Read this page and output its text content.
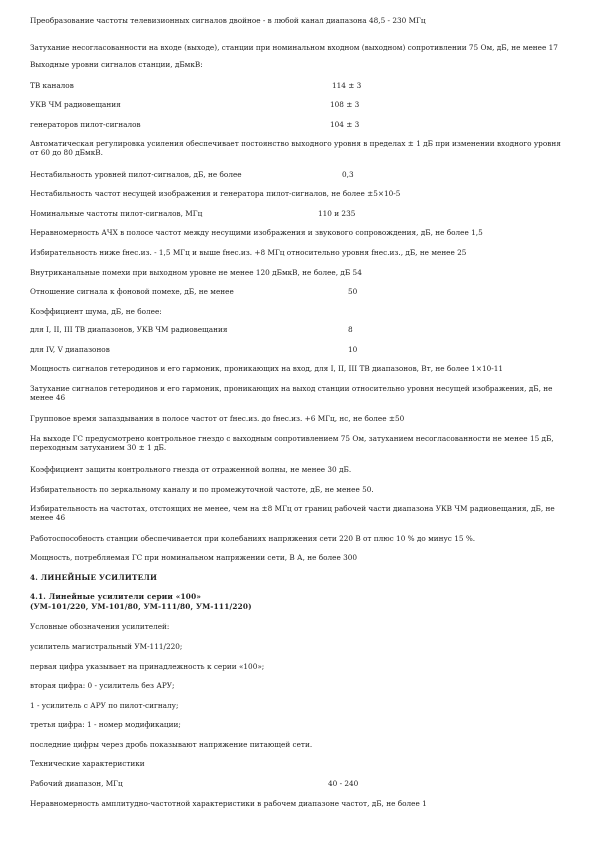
Преобразование частоты телевизионных сигналов двойное - в любой канал диапазона 48,5 - 230 МГц
Затухание несогласованности на входе (выходе), станции при номинальном входном (выходном) сопротивлении 75 Ом, дБ, не менее 17
Выходные уровни сигналов станции, дБмкВ:
ТВ каналов	114 ± 3
УКВ ЧМ радиовещания	108 ± 3
генераторов пилот-сигналов	104 ± 3
Автоматическая регулировка усиления обеспечивает постоянство выходного уровня в пределах ± 1 дБ при изменении входного уровня от 60 до 80 дБмкВ.
Нестабильность уровней пилот-сигналов, дБ, не более	0,3
Нестабильность частот несущей изображения и генератора пилот-сигналов, не более ±5×10-5
Номинальные частоты пилот-сигналов, МГц	110 и 235
Неравномерность АЧХ в полосе частот между несущими изображения и звукового сопровождения, дБ, не более 1,5
Избирательность ниже fнес.из. - 1,5 МГц и выше fнес.из. +8 МГц относительно уровня fнес.из., дБ, не менее 25
Внутриканальные помехи при выходном уровне не менее 120 дБмкВ, не более, дБ 54
Отношение сигнала к фоновой помехе, дБ, не менее	50
Коэффициент шума, дБ, не более:
для I, II, III ТВ диапазонов, УКВ ЧМ радиовещания	8
для IV, V диапазонов	10
Мощность сигналов гетеродинов и его гармоник, проникающих на вход, для I, II, III ТВ диапазонов, Вт, не более 1×10-11
Затухание сигналов гетеродинов и его гармоник, проникающих на выход станции относительно уровня несущей изображения, дБ, не менее 46
Групповое время запаздывания в полосе частот от fнес.из. до fнес.из. +6 МГц, нс, не более ±50
На выходе ГС предусмотрено контрольное гнездо с выходным сопротивлением 75 Ом, затуханием несогласованности не менее 15 дБ, переходным затуханием 30 ± 1 дБ.
Коэффициент защиты контрольного гнезда от отраженной волны, не менее 30 дБ.
Избирательность по зеркальному каналу и по промежуточной частоте, дБ, не менее 50.
Избирательность на частотах, отстоящих не менее, чем на ±8 МГц от границ рабочей части диапазона УКВ ЧМ радиовещания, дБ, не менее 46
Работоспособность станции обеспечивается при колебаниях напряжения сети 220 В от плюс 10 % до минус 15 %.
Мощность, потребляемая ГС при номинальном напряжении сети, В А, не более 300
4. ЛИНЕЙНЫЕ УСИЛИТЕЛИ
4.1. Линейные усилители серии «100»
(УМ-101/220, УМ-101/80, УМ-111/80, УМ-111/220)
Условные обозначения усилителей:
усилитель магистральный УМ-111/220;
первая цифра указывает на принадлежность к серии «100»;
вторая цифра: 0 - усилитель без АРУ;
1 - усилитель с АРУ по пилот-сигналу;
третья цифра: 1 - номер модификации;
последние цифры через дробь показывают напряжение питающей сети.
Технические характеристики
Рабочий диапазон, МГц	40 - 240
Неравномерность амплитудно-частотной характеристики в рабочем диапазоне частот, дБ, не более 1
